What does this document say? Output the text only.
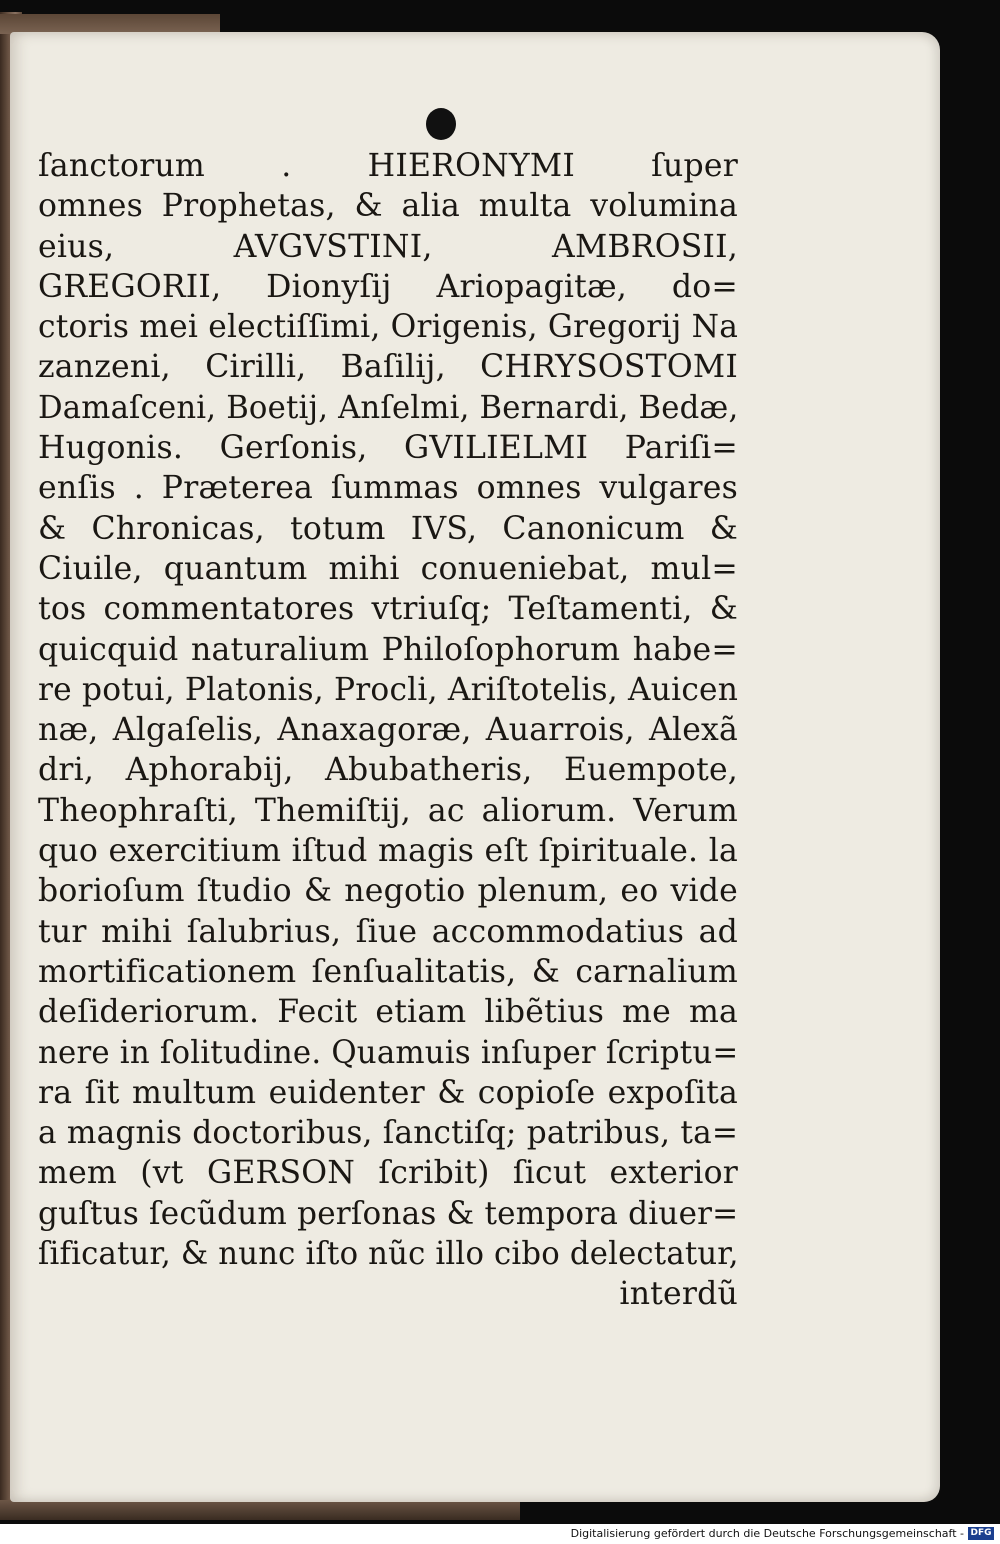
ſanctorum . HIERONYMI ſuper
omnes Prophetas, & alia multa volumina
eius, AVGVSTINI, AMBROSII,
GREGORII, Dionyſij Ariopagitæ, do=
ctoris mei electiſſimi, Origenis, Gregorij Na
zanzeni, Cirilli, Baſilij, CHRYSOSTOMI
Damaſceni, Boetij, Anſelmi, Bernardi, Bedæ,
Hugonis. Gerſonis, GVILIELMI Pariſi=
enſis . Præterea ſummas omnes vulgares
& Chronicas, totum IVS, Canonicum &
Ciuile, quantum mihi conueniebat, mul=
tos commentatores vtriuſq; Teſtamenti, &
quicquid naturalium Philoſophorum habe=
re potui, Platonis, Procli, Ariſtotelis, Auicen
næ, Algaſelis, Anaxagoræ, Auarrois, Alexã
dri, Aphorabij, Abubatheris, Euempote,
Theophraſti, Themiſtij, ac aliorum. Verum
quo exercitium iſtud magis eſt ſpirituale. la
borioſum ſtudio & negotio plenum, eo vide
tur mihi ſalubrius, ſiue accommodatius ad
mortificationem ſenſualitatis, & carnalium
deſideriorum. Fecit etiam libẽtius me ma
nere in ſolitudine. Quamuis inſuper ſcriptu=
ra ſit multum euidenter & copioſe expoſita
a magnis doctoribus, ſanctiſq; patribus, ta=
mem (vt GERSON ſcribit) ſicut exterior
guſtus ſecũdum perſonas & tempora diuer=
ſificatur, & nunc iſto nũc illo cibo delectatur,
interdũ
Digitalisierung gefördert durch die Deutsche Forschungsgemeinschaft - DFG
